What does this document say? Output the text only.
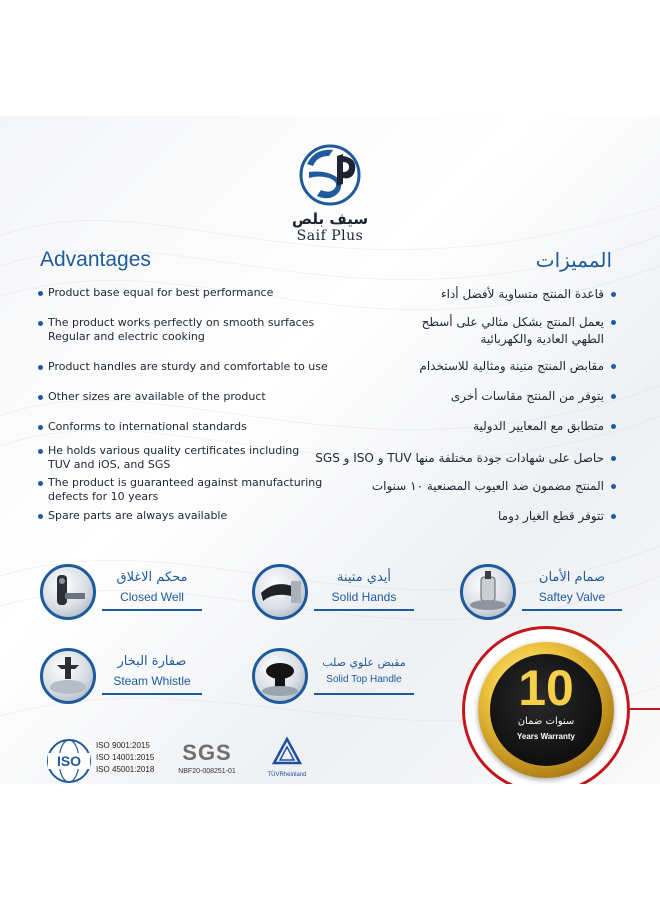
سيف بلص
Saif Plus
Advantages	المميزات
Product base equal for best performance
The product works perfectly on smooth surfaces
Regular and electric cooking
Product handles are sturdy and comfortable to use
Other sizes are available of the product
Conforms to international standards
He holds various quality certificates including
TUV and iOS, and SGS
The product is guaranteed against manufacturing
defects for 10 years
Spare parts are always available
قاعدة المنتج متساوية لأفضل أداء
يعمل المنتج بشكل مثالي على أسطح
الطهي العادية والكهربائية
مقابض المنتج متينة ومثالية للاستخدام
يتوفر من المنتج مقاسات أخرى
متطابق مع المعايير الدولية
حاصل على شهادات جودة مختلفة منها TUV و ISO و SGS
المنتج مضمون ضد العيوب المصنعية ١٠ سنوات
تتوفر قطع الغيار دوما
محكم الاغلاق
Closed Well
أيدي متينة
Solid Hands
صمام الأمان
Saftey Valve
صفارة البخار
Steam Whistle
مقبض علوي صلب
Solid Top Handle	10
سنوات ضمان
Years Warranty
ISO
ISO 9001:2015
ISO 14001:2015
ISO 45001:2018
SGS
NBF20-008251-01	TÜVRheinland
